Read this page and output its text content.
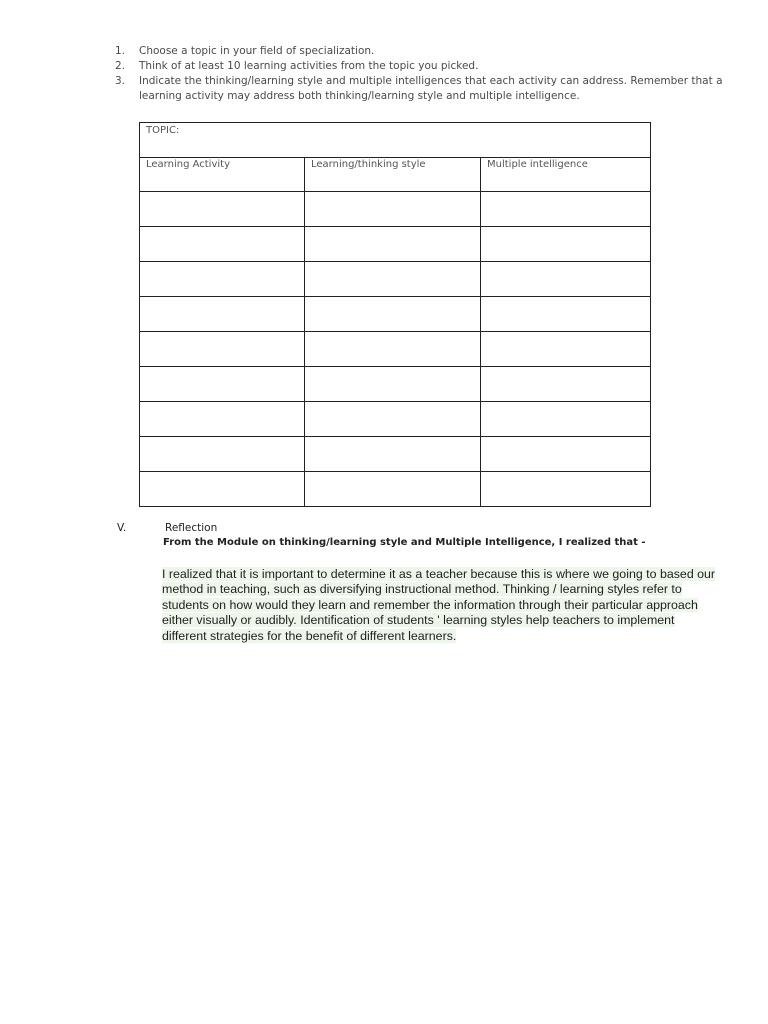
1.	Choose a topic in your field of specialization.
2.	Think of at least 10 learning activities from the topic you picked.
3.	Indicate the thinking/learning style and multiple intelligences that each activity can address. Remember that a learning activity may address both thinking/learning style and multiple intelligence.
TOPIC:		
Learning Activity	Learning/thinking style	Multiple intelligence

V.	Reflection
From the Module on thinking/learning style and Multiple Intelligence, I realized that -
I realized that it is important to determine it as a teacher because this is where we going to based our method in teaching, such as diversifying instructional method. Thinking / learning styles refer to students on how would they learn and remember the information through their particular approach either visually or audibly. Identification of students ' learning styles help teachers to implement different strategies for the benefit of different learners.
